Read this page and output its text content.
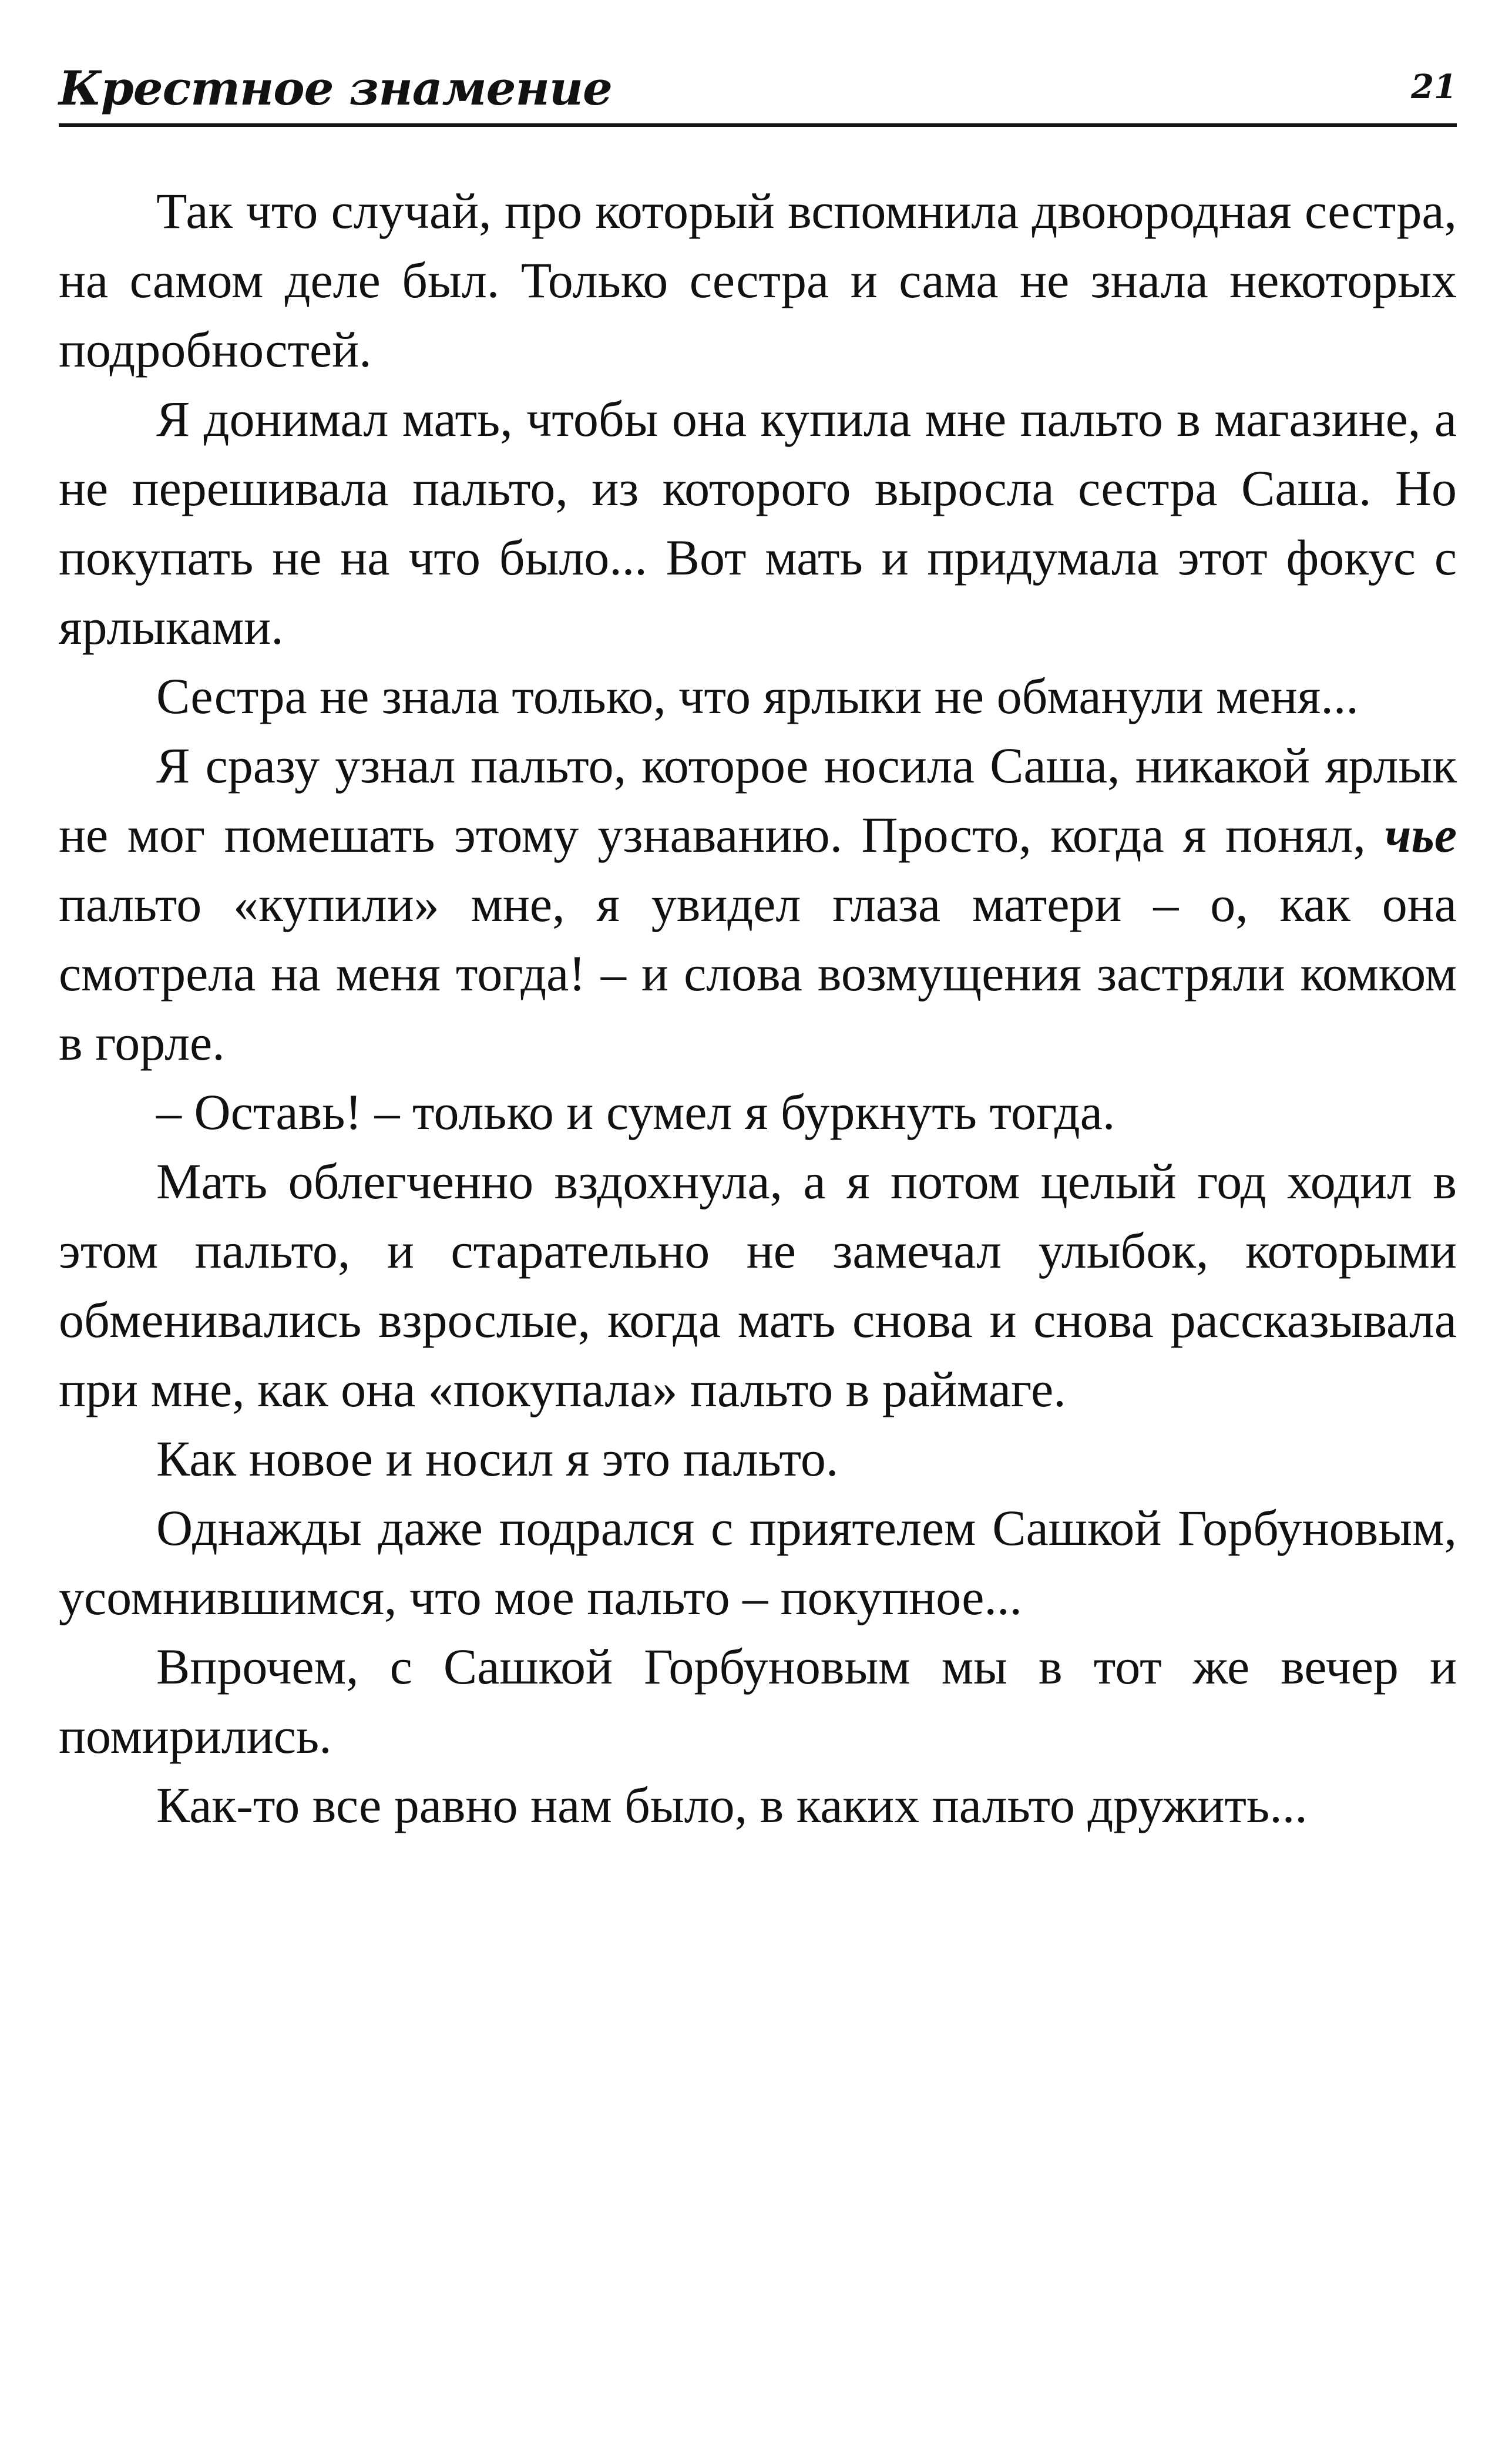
Крестное знамение	21

Так что случай, про который вспомнила двоюродная сестра, на самом деле был. Только сестра и сама не знала некоторых подробностей.

Я донимал мать, чтобы она купила мне пальто в магазине, а не перешивала пальто, из которого выросла сестра Саша. Но покупать не на что было... Вот мать и придумала этот фокус с ярлыками.

Сестра не знала только, что ярлыки не обманули меня...

Я сразу узнал пальто, которое носила Саша, никакой ярлык не мог помешать этому узнаванию. Просто, когда я понял, чье пальто «купили» мне, я увидел глаза матери – о, как она смотрела на меня тогда! – и слова возмущения застряли комком в горле.

– Оставь! – только и сумел я буркнуть тогда.

Мать облегченно вздохнула, а я потом целый год ходил в этом пальто, и старательно не замечал улыбок, которыми обменивались взрослые, когда мать снова и снова рассказывала при мне, как она «покупала» пальто в раймаге.

Как новое и носил я это пальто.

Однажды даже подрался с приятелем Сашкой Горбуновым, усомнившимся, что мое пальто – покупное...

Впрочем, с Сашкой Горбуновым мы в тот же вечер и помирились.

Как-то все равно нам было, в каких пальто дружить...
